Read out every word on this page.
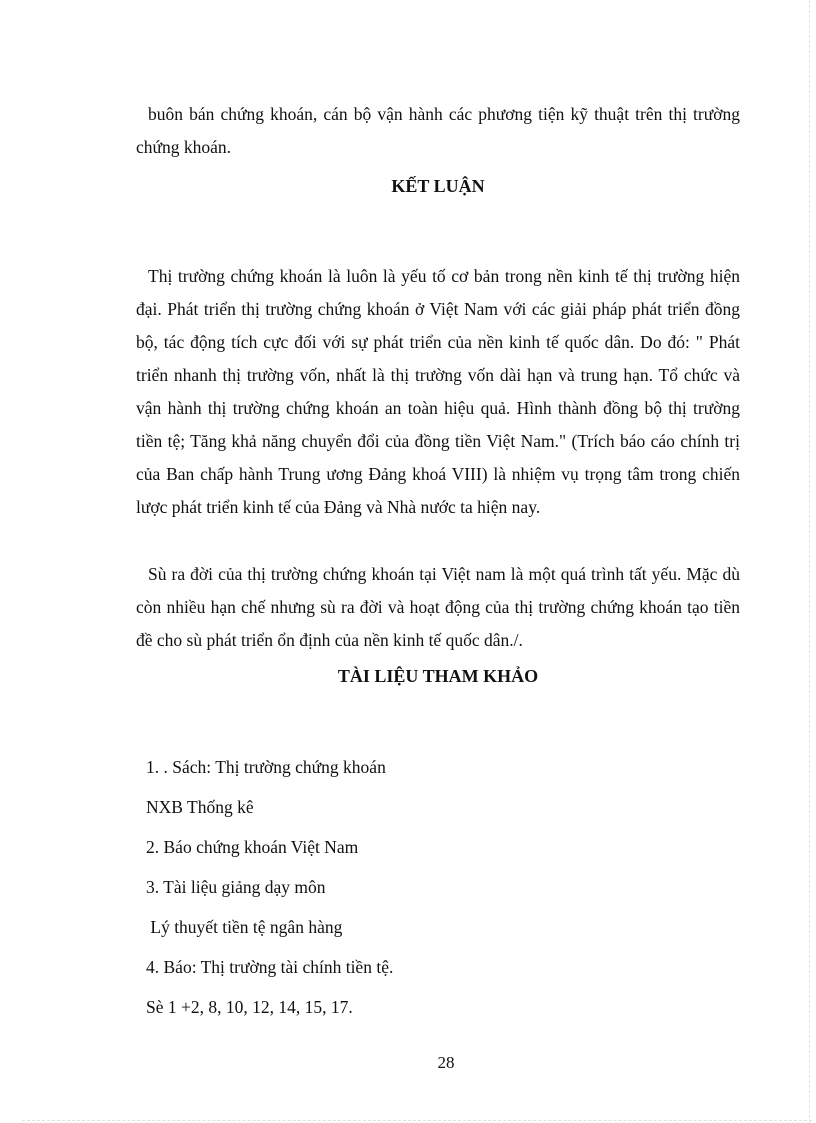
buôn bán chứng khoán, cán bộ vận hành các phương tiện kỹ thuật trên thị trường chứng khoán.

KẾT LUẬN

Thị trường chứng khoán là luôn là yếu tố cơ bản trong nền kinh tế thị trường hiện đại. Phát triển thị trường chứng khoán ở Việt Nam với các giải pháp phát triển đồng bộ, tác động tích cực đối với sự phát triển của nền kinh tế quốc dân. Do đó: " Phát triển nhanh thị trường vốn, nhất là thị trường vốn dài hạn và trung hạn. Tổ chức và vận hành thị trường chứng khoán an toàn hiệu quả. Hình thành đồng bộ thị trường tiền tệ; Tăng khả năng chuyển đổi của đồng tiền Việt Nam." (Trích báo cáo chính trị của Ban chấp hành Trung ương Đảng khoá VIII) là nhiệm vụ trọng tâm trong chiến lược phát triển kinh tế của Đảng và Nhà nước ta hiện nay.

Sù ra đời của thị trường chứng khoán tại Việt nam là một quá trình tất yếu. Mặc dù còn nhiều hạn chế nhưng sù ra đời và hoạt động của thị trường chứng khoán tạo tiền đề cho sù phát triển ổn định của nền kinh tế quốc dân./.

TÀI LIỆU THAM KHẢO

1. . Sách: Thị trường chứng khoán

NXB Thống kê

2. Báo chứng khoán Việt Nam

3. Tài liệu giảng dạy môn

Lý thuyết tiền tệ ngân hàng

4. Báo: Thị trường tài chính tiền tệ.

Sè 1 +2, 8, 10, 12, 14, 15, 17.

28
